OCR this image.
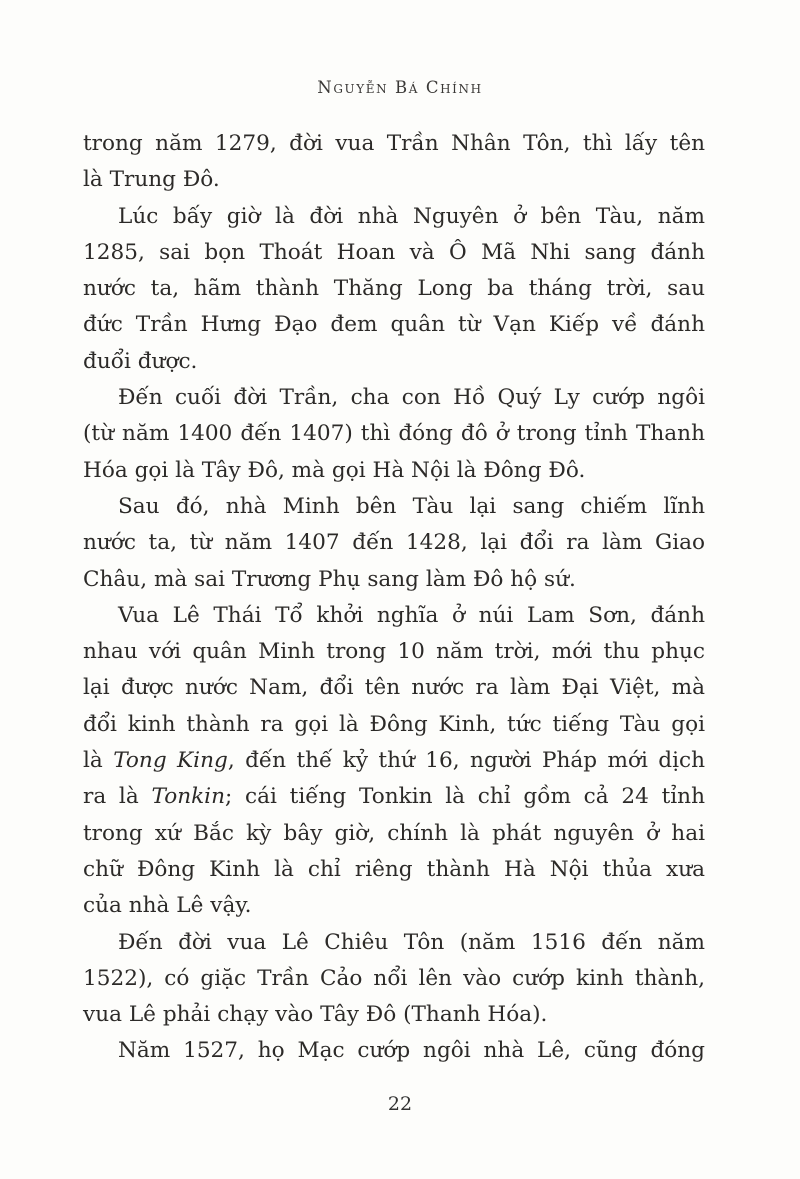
Nguyễn Bá Chính
trong năm 1279, đời vua Trần Nhân Tôn, thì lấy tên
là Trung Đô.
Lúc bấy giờ là đời nhà Nguyên ở bên Tàu, năm
1285, sai bọn Thoát Hoan và Ô Mã Nhi sang đánh
nước ta, hãm thành Thăng Long ba tháng trời, sau
đức Trần Hưng Đạo đem quân từ Vạn Kiếp về đánh
đuổi được.
Đến cuối đời Trần, cha con Hồ Quý Ly cướp ngôi
(từ năm 1400 đến 1407) thì đóng đô ở trong tỉnh Thanh
Hóa gọi là Tây Đô, mà gọi Hà Nội là Đông Đô.
Sau đó, nhà Minh bên Tàu lại sang chiếm lĩnh
nước ta, từ năm 1407 đến 1428, lại đổi ra làm Giao
Châu, mà sai Trương Phụ sang làm Đô hộ sứ.
Vua Lê Thái Tổ khởi nghĩa ở núi Lam Sơn, đánh
nhau với quân Minh trong 10 năm trời, mới thu phục
lại được nước Nam, đổi tên nước ra làm Đại Việt, mà
đổi kinh thành ra gọi là Đông Kinh, tức tiếng Tàu gọi
là Tong King, đến thế kỷ thứ 16, người Pháp mới dịch
ra là Tonkin; cái tiếng Tonkin là chỉ gồm cả 24 tỉnh
trong xứ Bắc kỳ bây giờ, chính là phát nguyên ở hai
chữ Đông Kinh là chỉ riêng thành Hà Nội thủa xưa
của nhà Lê vậy.
Đến đời vua Lê Chiêu Tôn (năm 1516 đến năm
1522), có giặc Trần Cảo nổi lên vào cướp kinh thành,
vua Lê phải chạy vào Tây Đô (Thanh Hóa).
Năm 1527, họ Mạc cướp ngôi nhà Lê, cũng đóng
22
